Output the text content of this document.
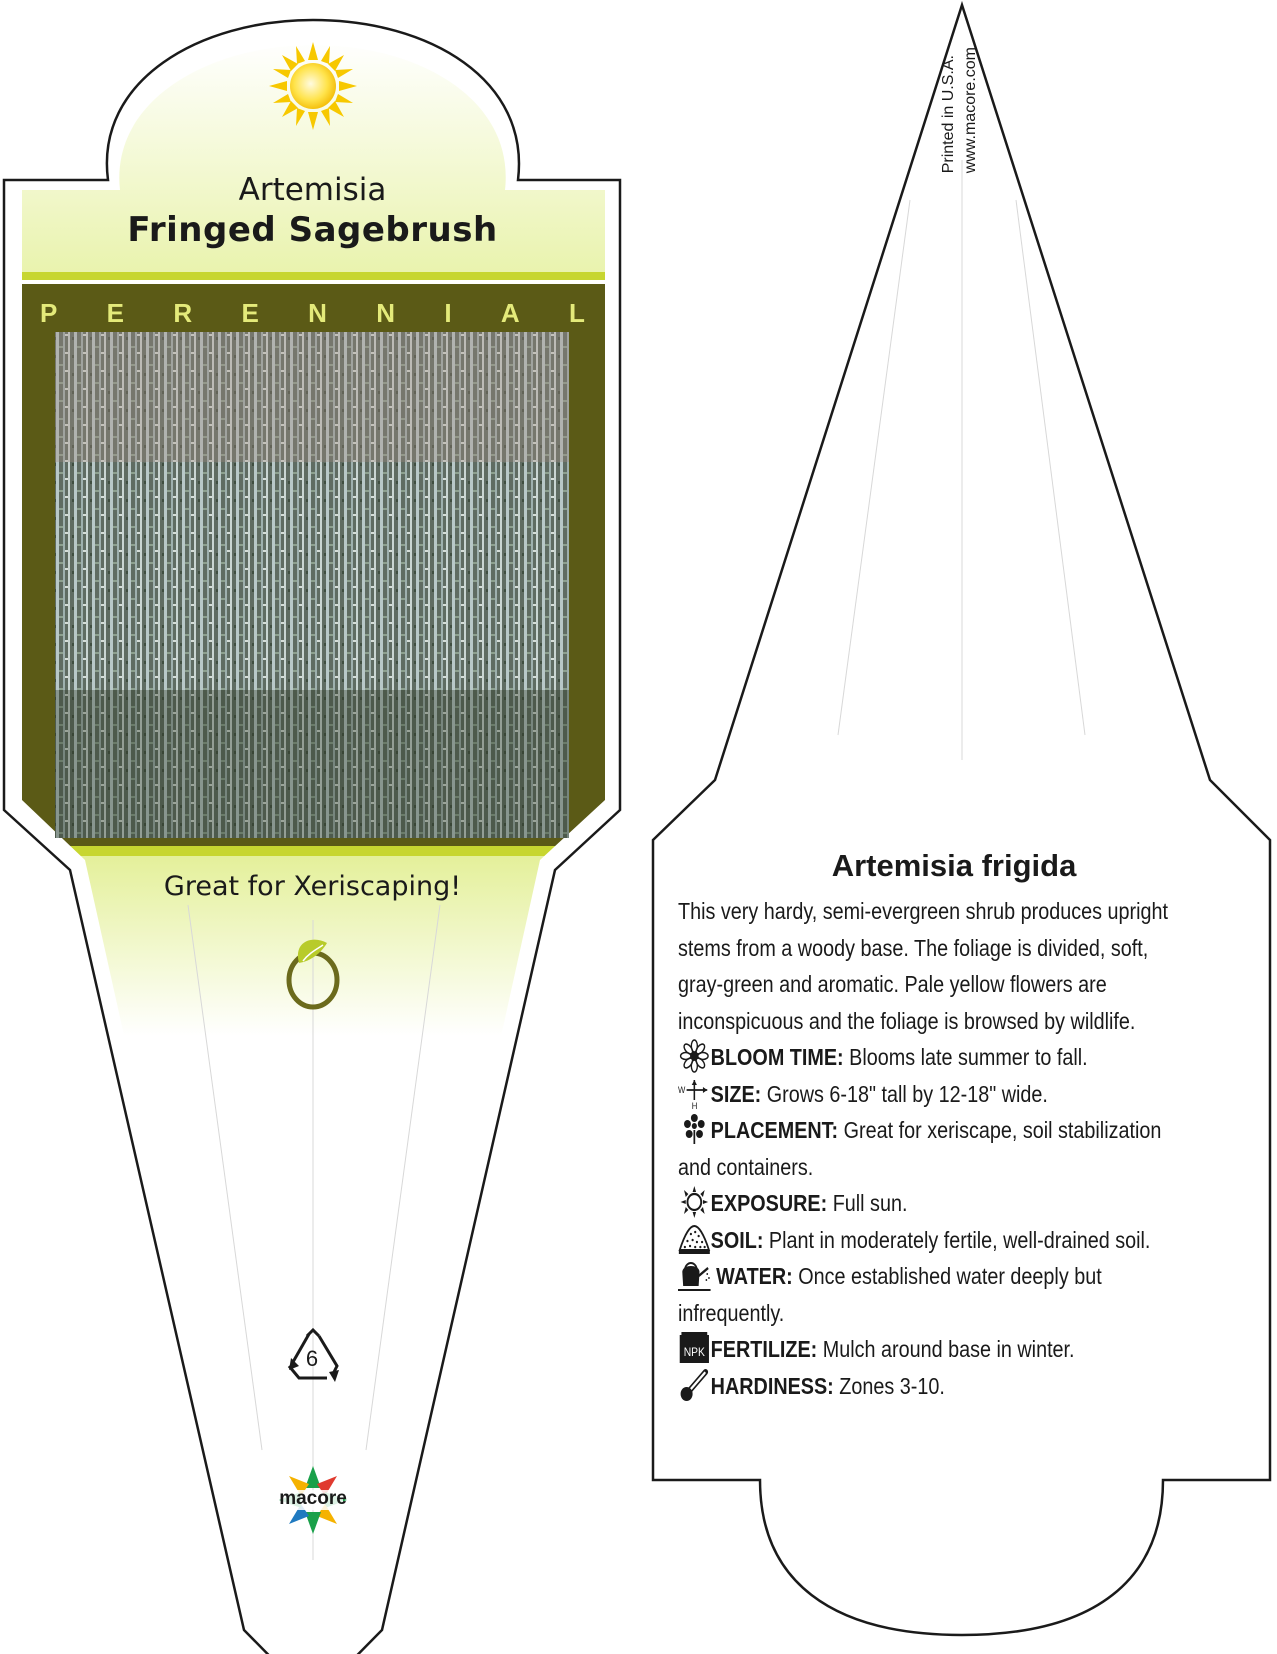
Artemisia
Fringed Sagebrush
P E R E N N I A L
Great for Xeriscaping!
6
macore
Printed in U.S.A. www.macore.com
Artemisia frigida

This very hardy, semi-evergreen shrub produces upright stems from a woody base. The foliage is divided, soft, gray-green and aromatic. Pale yellow flowers are inconspicuous and the foliage is browsed by wildlife.

BLOOM TIME: Blooms late summer to fall.

W
H SIZE: Grows 6-18" tall by 12-18" wide.

PLACEMENT: Great for xeriscape, soil stabilization and containers.

EXPOSURE: Full sun.

SOIL: Plant in moderately fertile, well-drained soil.

WATER: Once established water deeply but infrequently.

NPK FERTILIZE: Mulch around base in winter.

HARDINESS: Zones 3-10.
